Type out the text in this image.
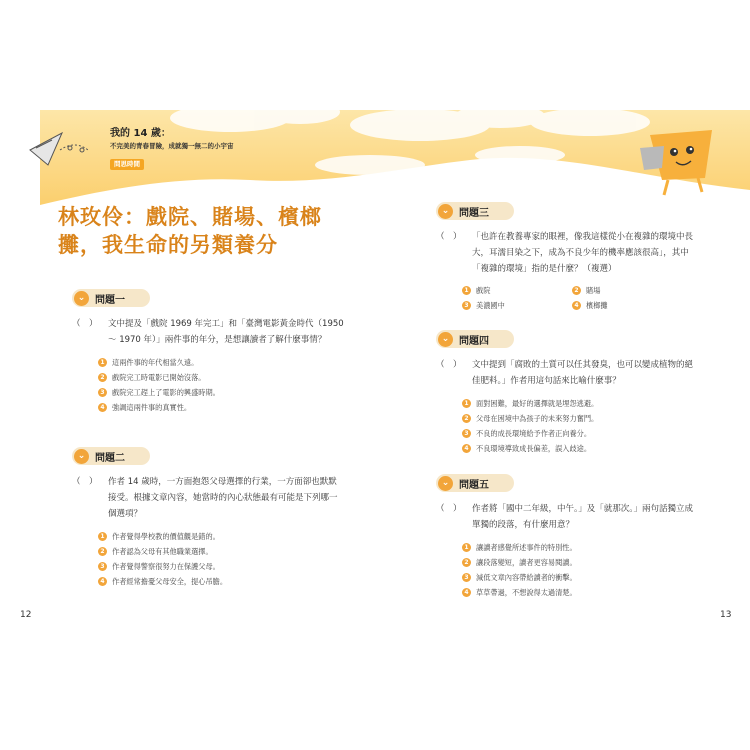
我的 14 歲：
不完美的青春冒險，成就獨一無二的小宇宙
問思時間
林玫伶：戲院、賭場、檳榔攤，我生命的另類養分
⌄ 問題一
（　）	文中提及「戲院 1969 年完工」和「臺灣電影黃金時代（1950 ～ 1970 年）」兩件事的年分，是想讓讀者了解什麼事情？
1	這兩件事的年代相當久遠。
2	戲院完工時電影已開始沒落。
3	戲院完工趕上了電影的興盛時期。
4	強調這兩件事的真實性。
⌄ 問題二
（　）	作者 14 歲時，一方面抱怨父母選擇的行業，一方面卻也默默接受。根據文章內容，她當時的內心狀態最有可能是下列哪一個選項？
1	作者覺得學校教的價值觀是錯的。
2	作者認為父母有其他職業選擇。
3	作者覺得警察很努力在保護父母。
4	作者經常擔憂父母安全，提心吊膽。
⌄ 問題三
（　）	「也許在教養專家的眼裡，像我這樣從小在複雜的環境中長大，耳濡目染之下，成為不良少年的機率應該很高」，其中「複雜的環境」指的是什麼？（複選）
1	戲院	2	賭場
3	美濃國中	4	檳榔攤
⌄ 問題四
（　）	文中提到「腐敗的土質可以任其發臭，也可以變成植物的絕佳肥料。」作者用這句話來比喻什麼事？
1	面對困難，最好的選擇就是埋怨逃避。
2	父母在困境中為孩子的未來努力奮鬥。
3	不良的成長環境給予作者正向養分。
4	不良環境導致成長偏差，誤入歧途。
⌄ 問題五
（　）	作者將「國中二年級，中午。」及「就那次。」兩句話獨立成單獨的段落，有什麼用意？
1	讓讀者感覺所述事件的特別性。
2	讓段落變短，讀者更容易閱讀。
3	減低文章內容帶給讀者的衝擊。
4	草草帶過，不想說得太過清楚。
12	13
